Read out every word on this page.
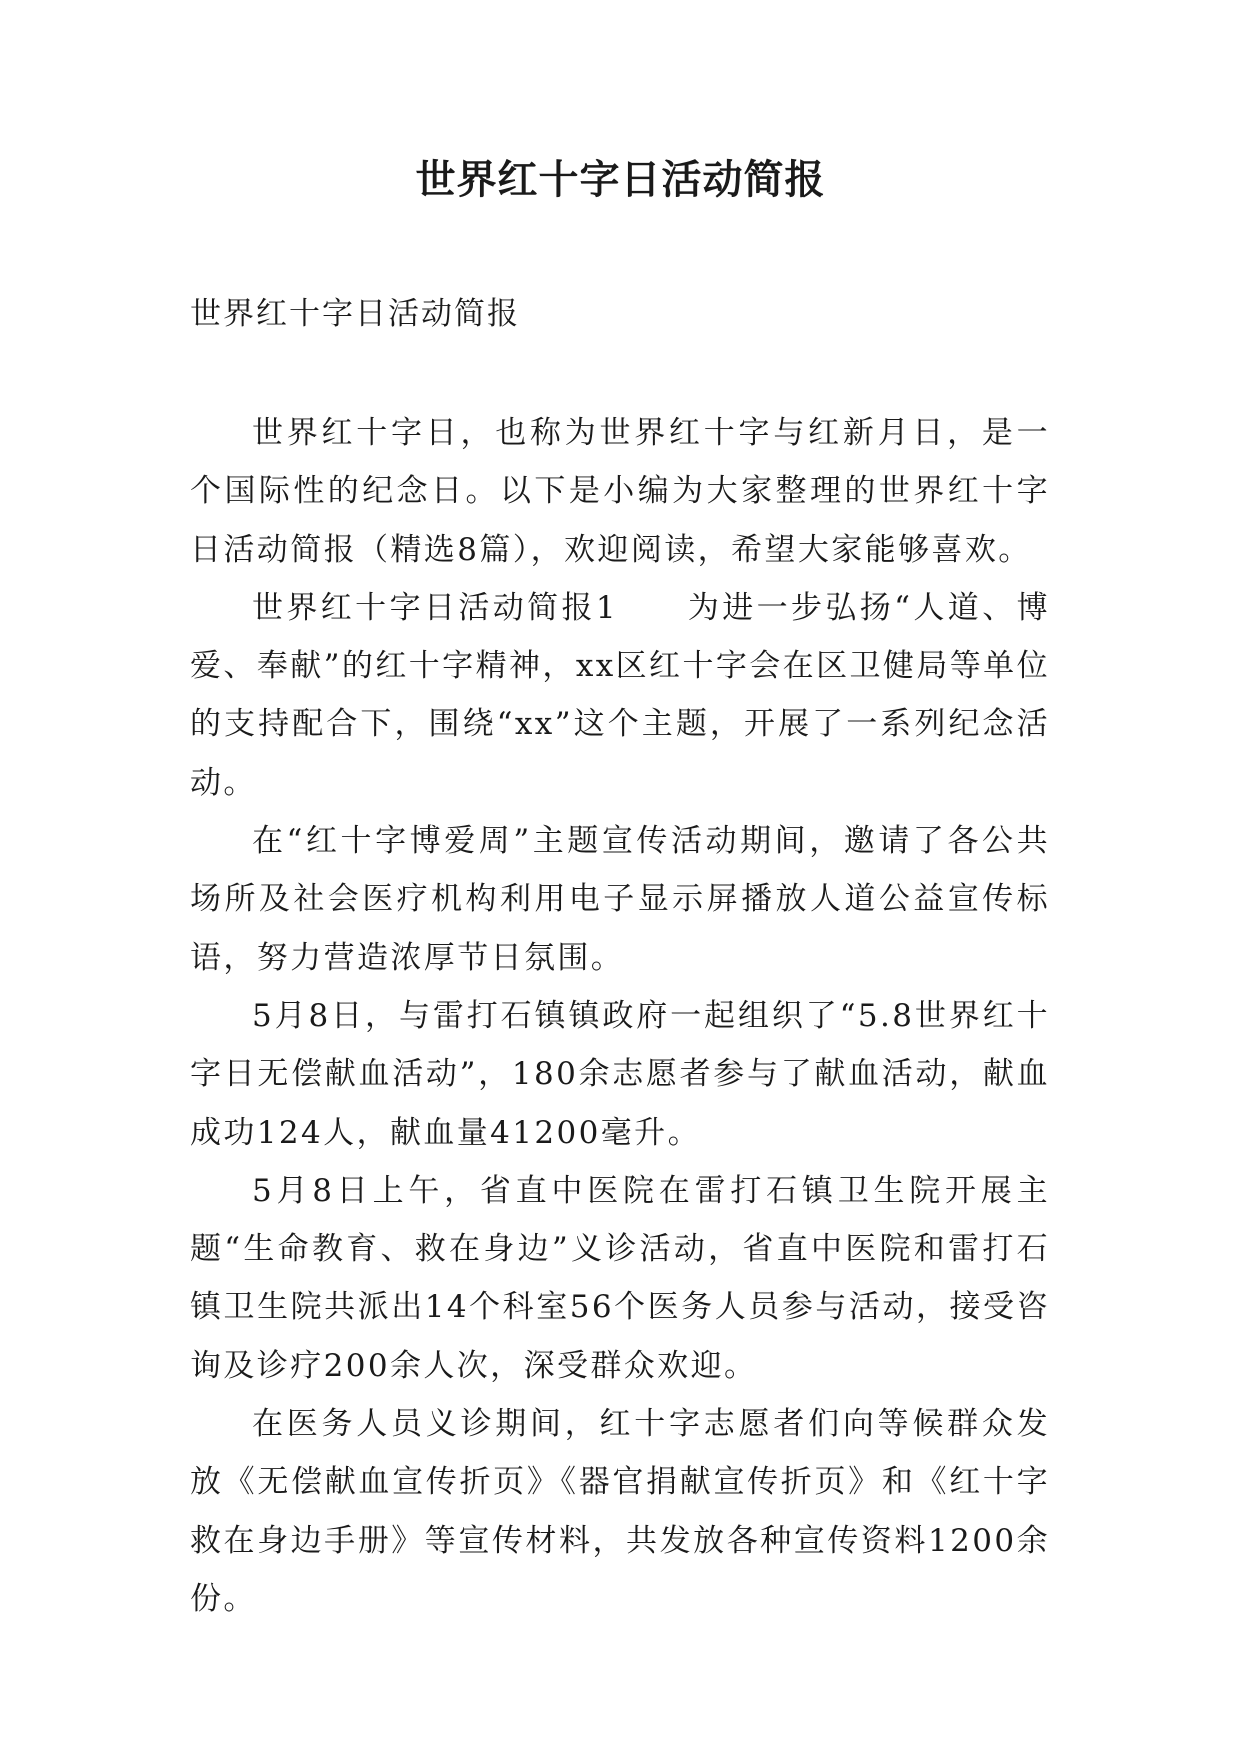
世界红十字日活动简报

世界红十字日活动简报

世界红十字日，也称为世界红十字与红新月日，是一个国际性的纪念日。以下是小编为大家整理的世界红十字日活动简报（精选8篇），欢迎阅读，希望大家能够喜欢。

世界红十字日活动简报1　　为进一步弘扬“人道、博爱、奉献”的红十字精神，xx区红十字会在区卫健局等单位的支持配合下，围绕“xx”这个主题，开展了一系列纪念活动。

在“红十字博爱周”主题宣传活动期间，邀请了各公共场所及社会医疗机构利用电子显示屏播放人道公益宣传标语，努力营造浓厚节日氛围。

5月8日，与雷打石镇镇政府一起组织了“5.8世界红十字日无偿献血活动”，180余志愿者参与了献血活动，献血成功124人，献血量41200毫升。

5月8日上午，省直中医院在雷打石镇卫生院开展主题“生命教育、救在身边”义诊活动，省直中医院和雷打石镇卫生院共派出14个科室56个医务人员参与活动，接受咨询及诊疗200余人次，深受群众欢迎。

在医务人员义诊期间，红十字志愿者们向等候群众发放《无偿献血宣传折页》《器官捐献宣传折页》和《红十字救在身边手册》等宣传材料，共发放各种宣传资料1200余份。
